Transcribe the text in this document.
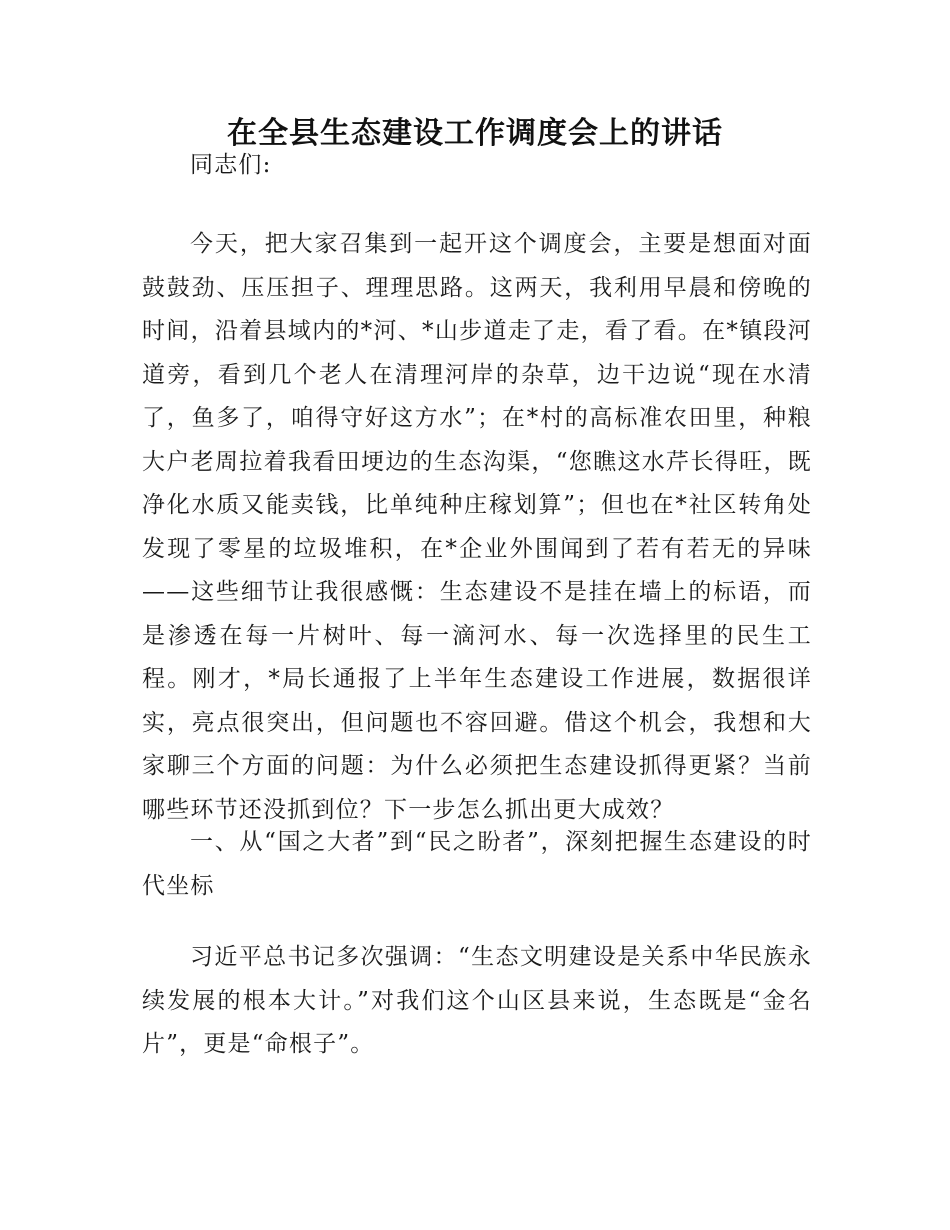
在全县生态建设工作调度会上的讲话

同志们:

今天，把大家召集到一起开这个调度会，主要是想面对面鼓鼓劲、压压担子、理理思路。这两天，我利用早晨和傍晚的时间，沿着县域内的*河、*山步道走了走，看了看。在*镇段河道旁，看到几个老人在清理河岸的杂草，边干边说“现在水清了，鱼多了，咱得守好这方水”；在*村的高标准农田里，种粮大户老周拉着我看田埂边的生态沟渠，“您瞧这水芹长得旺，既净化水质又能卖钱，比单纯种庄稼划算”；但也在*社区转角处发现了零星的垃圾堆积，在*企业外围闻到了若有若无的异味——这些细节让我很感慨：生态建设不是挂在墙上的标语，而是渗透在每一片树叶、每一滴河水、每一次选择里的民生工程。刚才，*局长通报了上半年生态建设工作进展，数据很详实，亮点很突出，但问题也不容回避。借这个机会，我想和大家聊三个方面的问题：为什么必须把生态建设抓得更紧？当前哪些环节还没抓到位？下一步怎么抓出更大成效？

一、从“国之大者”到“民之盼者”，深刻把握生态建设的时代坐标

习近平总书记多次强调：“生态文明建设是关系中华民族永续发展的根本大计。”对我们这个山区县来说，生态既是“金名片”，更是“命根子”。
